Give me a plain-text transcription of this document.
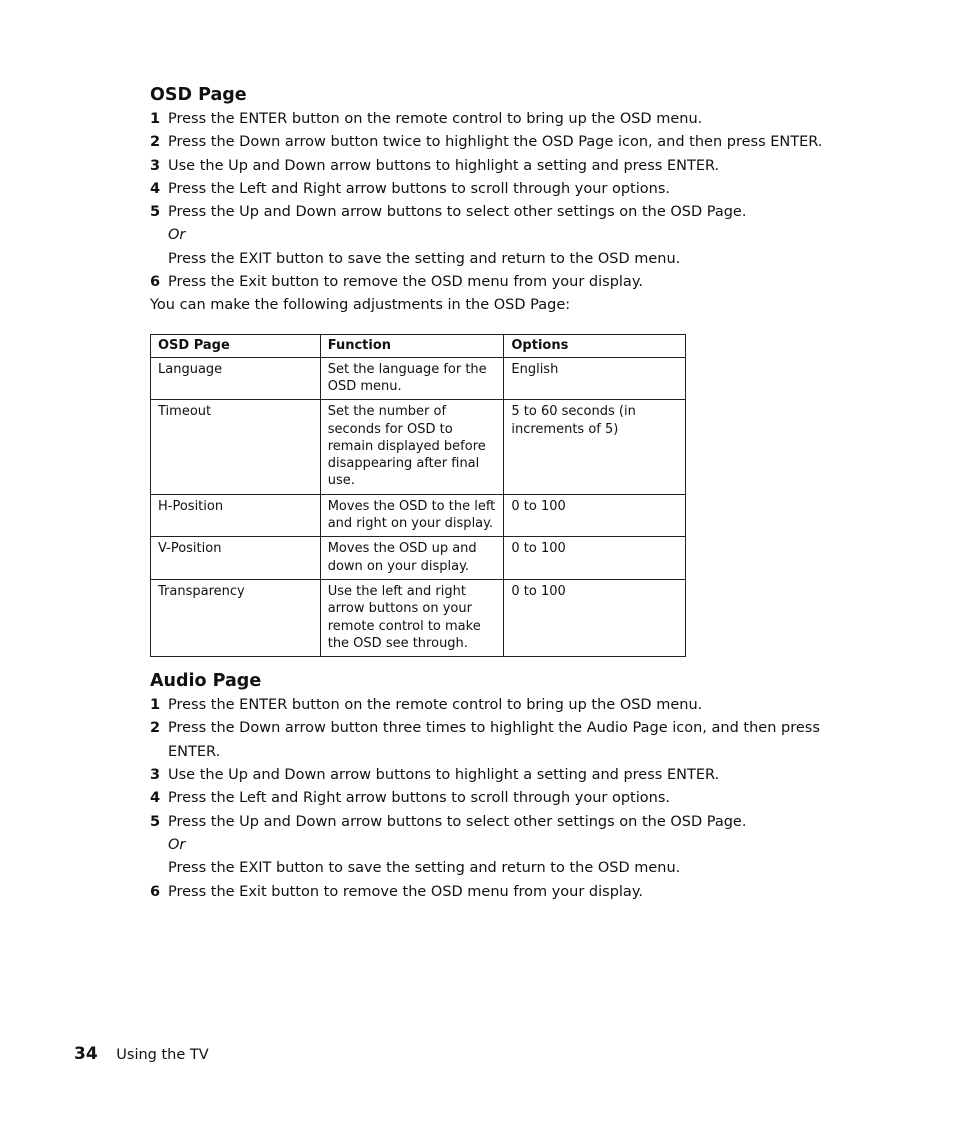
OSD Page
1 Press the ENTER button on the remote control to bring up the OSD menu.
2 Press the Down arrow button twice to highlight the OSD Page icon, and then press ENTER.
3 Use the Up and Down arrow buttons to highlight a setting and press ENTER.
4 Press the Left and Right arrow buttons to scroll through your options.
5 Press the Up and Down arrow buttons to select other settings on the OSD Page.
Or
Press the EXIT button to save the setting and return to the OSD menu.
6 Press the Exit button to remove the OSD menu from your display.

You can make the following adjustments in the OSD Page:

OSD Page	Function	Options
Language	Set the language for the OSD menu.	English
Timeout	Set the number of seconds for OSD to remain displayed before disappearing after final use.	5 to 60 seconds (in increments of 5)
H-Position	Moves the OSD to the left and right on your display.	0 to 100
V-Position	Moves the OSD up and down on your display.	0 to 100
Transparency	Use the left and right arrow buttons on your remote control to make the OSD see through.	0 to 100
Audio Page
1 Press the ENTER button on the remote control to bring up the OSD menu.
2 Press the Down arrow button three times to highlight the Audio Page icon, and then press ENTER.
3 Use the Up and Down arrow buttons to highlight a setting and press ENTER.
4 Press the Left and Right arrow buttons to scroll through your options.
5 Press the Up and Down arrow buttons to select other settings on the OSD Page.
Or
Press the EXIT button to save the setting and return to the OSD menu.
6 Press the Exit button to remove the OSD menu from your display.
34 Using the TV
